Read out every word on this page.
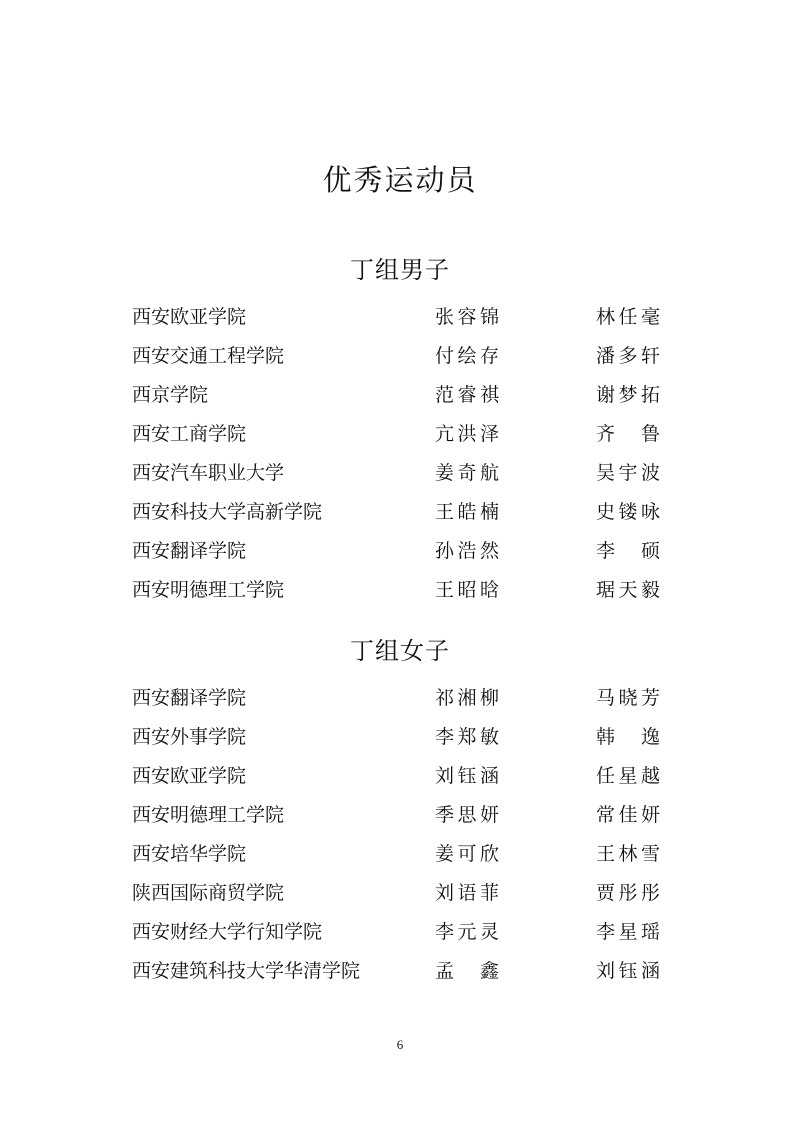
优秀运动员
丁组男子
西安欧亚学院	张容锦	林任毫
西安交通工程学院	付绘存	潘多轩
西京学院	范睿祺	谢梦拓
西安工商学院	亢洪泽	齐 鲁
西安汽车职业大学	姜奇航	吴宇波
西安科技大学高新学院	王皓楠	史镂咏
西安翻译学院	孙浩然	李 硕
西安明德理工学院	王昭晗	琚天毅
丁组女子
西安翻译学院	祁湘柳	马晓芳
西安外事学院	李郑敏	韩 逸
西安欧亚学院	刘钰涵	任星越
西安明德理工学院	季思妍	常佳妍
西安培华学院	姜可欣	王林雪
陕西国际商贸学院	刘语菲	贾彤彤
西安财经大学行知学院	李元灵	李星瑶
西安建筑科技大学华清学院	孟 鑫	刘钰涵
6
